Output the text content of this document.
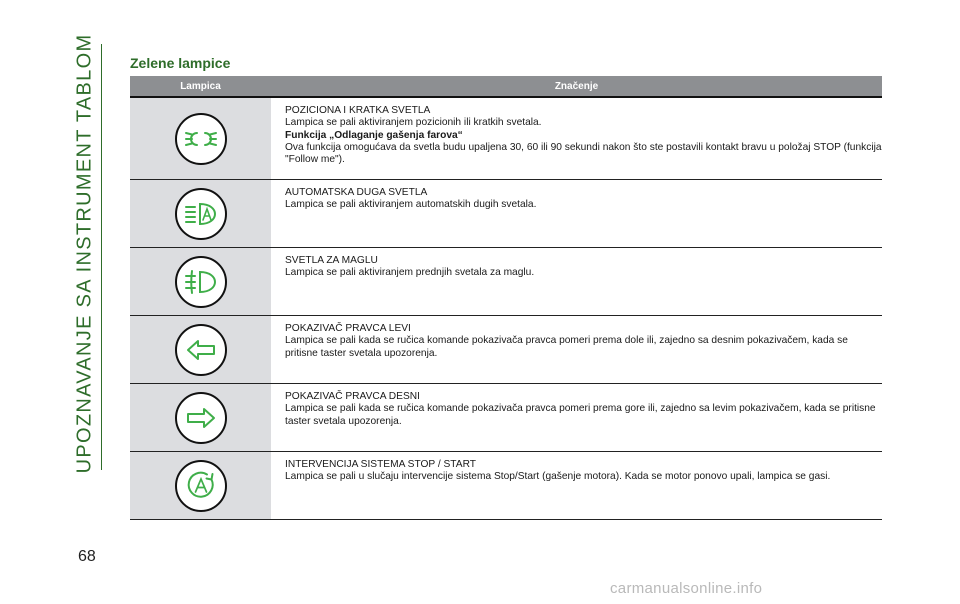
UPOZNAVANJE SA INSTRUMENT TABLOM
68
Zelene lampice
Lampica	Značenje

POZICIONA I KRATKA SVETLA

Lampica se pali aktiviranjem pozicionih ili kratkih svetala.

Funkcija „Odlaganje gašenja farova“

Ova funkcija omogućava da svetla budu upaljena 30, 60 ili 90 sekundi nakon što ste postavili kontakt bravu u položaj STOP (funkcija "Follow me").

AUTOMATSKA DUGA SVETLA

Lampica se pali aktiviranjem automatskih dugih svetala.

SVETLA ZA MAGLU

Lampica se pali aktiviranjem prednjih svetala za maglu.

POKAZIVAČ PRAVCA LEVI

Lampica se pali kada se ručica komande pokazivača pravca pomeri prema dole ili, zajedno sa desnim pokazivačem, kada se pritisne taster svetala upozorenja.

POKAZIVAČ PRAVCA DESNI

Lampica se pali kada se ručica komande pokazivača pravca pomeri prema gore ili, zajedno sa levim pokazivačem, kada se pritisne taster svetala upozorenja.

INTERVENCIJA SISTEMA STOP / START

Lampica se pali u slučaju intervencije sistema Stop/Start (gašenje motora). Kada se motor ponovo upali, lampica se gasi.

carmanualsonline.info
